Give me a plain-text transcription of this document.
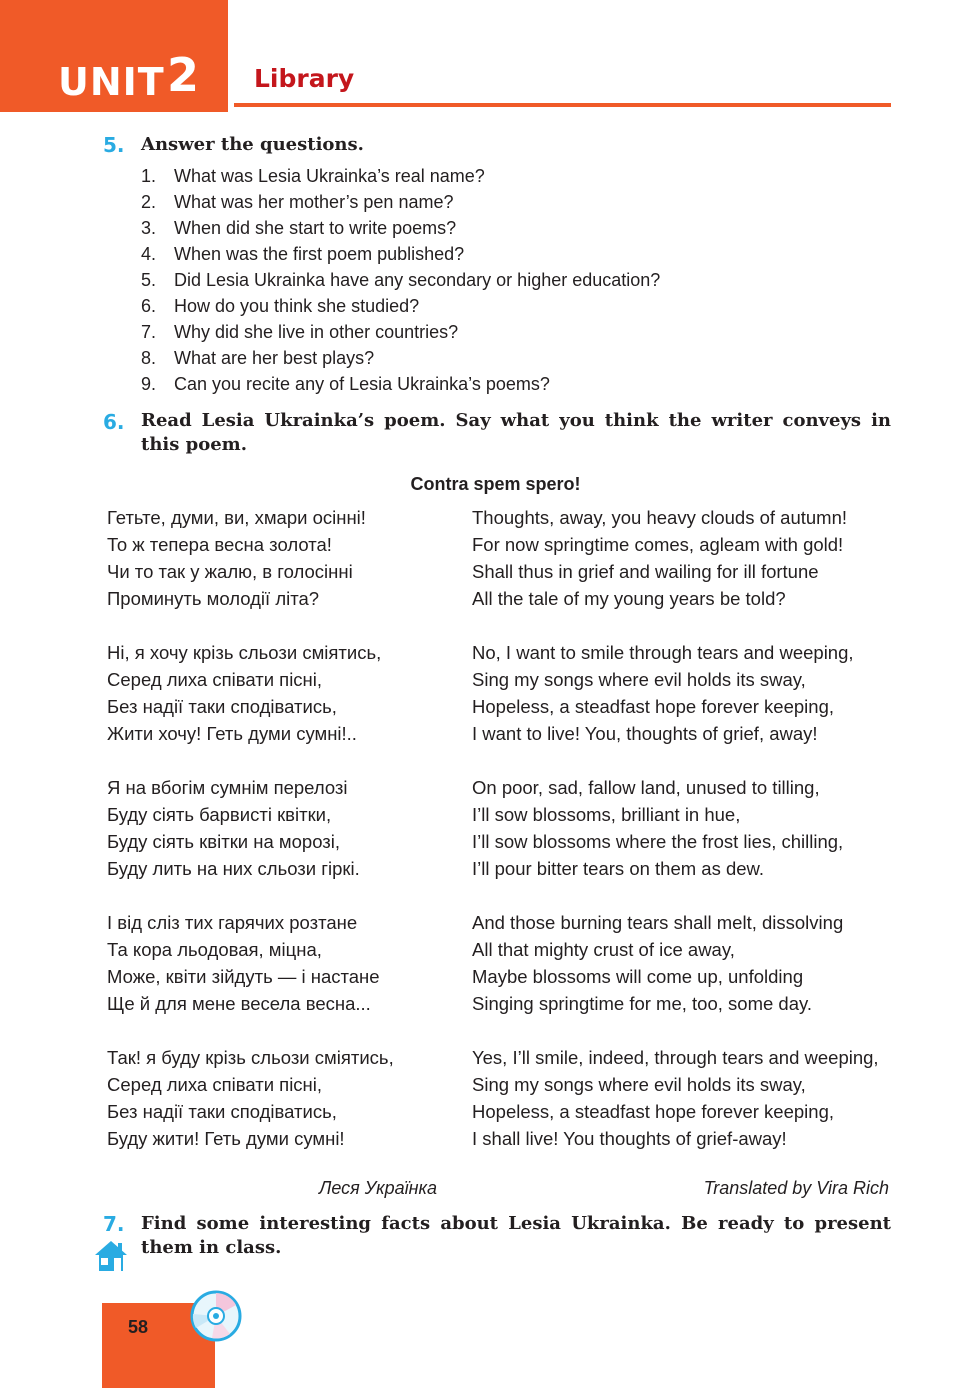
UNIT 2 Library
5. Answer the questions.
1. What was Lesia Ukrainka’s real name?
2. What was her mother’s pen name?
3. When did she start to write poems?
4. When was the first poem published?
5. Did Lesia Ukrainka have any secondary or higher education?
6. How do you think she studied?
7. Why did she live in other countries?
8. What are her best plays?
9. Can you recite any of Lesia Ukrainka’s poems?
6. Read Lesia Ukrainka’s poem. Say what you think the writer conveys in this poem.
Contra spem spero!
Гетьте, думи, ви, хмари осінні!
То ж тепера весна золота!
Чи то так у жалю, в голосінні
Проминуть молодії літа?
Ні, я хочу крізь сльози сміятись,
Серед лиха співати пісні,
Без надії таки сподіватись,
Жити хочу! Геть думи сумні!..
Я на вбогім сумнім перелозі
Буду сіять барвисті квітки,
Буду сіять квітки на морозі,
Буду лить на них сльози гіркі.
І від сліз тих гарячих розтане
Та кора льодовая, міцна,
Може, квіти зійдуть — і настане
Ще й для мене весела весна...
Так! я буду крізь сльози сміятись,
Серед лиха співати пісні,
Без надії таки сподіватись,
Буду жити! Геть думи сумні!
Thoughts, away, you heavy clouds of autumn!
For now springtime comes, agleam with gold!
Shall thus in grief and wailing for ill fortune
All the tale of my young years be told?
No, I want to smile through tears and weeping,
Sing my songs where evil holds its sway,
Hopeless, a steadfast hope forever keeping,
I want to live! You, thoughts of grief, away!
On poor, sad, fallow land, unused to tilling,
I’ll sow blossoms, brilliant in hue,
I’ll sow blossoms where the frost lies, chilling,
I’ll pour bitter tears on them as dew.
And those burning tears shall melt, dissolving
All that mighty crust of ice away,
Maybe blossoms will come up, unfolding
Singing springtime for me, too, some day.
Yes, I’ll smile, indeed, through tears and weeping,
Sing my songs where evil holds its sway,
Hopeless, a steadfast hope forever keeping,
I shall live! You thoughts of grief-away!
Леся Українка	Translated by Vira Rich
7. Find some interesting facts about Lesia Ukrainka. Be ready to present them in class.
58
